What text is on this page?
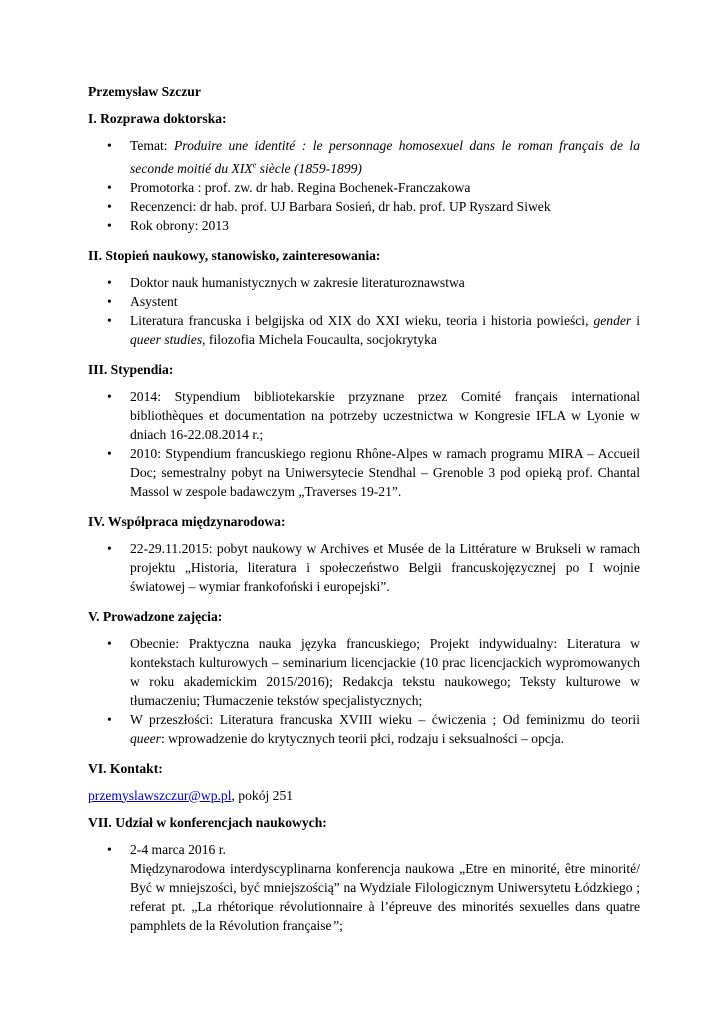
Przemysław Szczur
I. Rozprawa doktorska:
• Temat: Produire une identité : le personnage homosexuel dans le roman français de la seconde moitié du XIXe siècle (1859-1899)
• Promotorka : prof. zw. dr hab. Regina Bochenek-Franczakowa
• Recenzenci: dr hab. prof. UJ Barbara Sosień, dr hab. prof. UP Ryszard Siwek
• Rok obrony: 2013
II. Stopień naukowy, stanowisko, zainteresowania:
• Doktor nauk humanistycznych w zakresie literaturoznawstwa
• Asystent
• Literatura francuska i belgijska od XIX do XXI wieku, teoria i historia powieści, gender i queer studies, filozofia Michela Foucaulta, socjokrytyka
III. Stypendia:
• 2014: Stypendium bibliotekarskie przyznane przez Comité français international bibliothèques et documentation na potrzeby uczestnictwa w Kongresie IFLA w Lyonie w dniach 16-22.08.2014 r.;
• 2010: Stypendium francuskiego regionu Rhône-Alpes w ramach programu MIRA – Accueil Doc; semestralny pobyt na Uniwersytecie Stendhal – Grenoble 3 pod opieką prof. Chantal Massol w zespole badawczym „Traverses 19-21”.
IV. Współpraca międzynarodowa:
• 22-29.11.2015: pobyt naukowy w Archives et Musée de la Littérature w Brukseli w ramach projektu „Historia, literatura i społeczeństwo Belgii francuskojęzycznej po I wojnie światowej – wymiar frankofoński i europejski”.
V. Prowadzone zajęcia:
• Obecnie: Praktyczna nauka języka francuskiego; Projekt indywidualny: Literatura w kontekstach kulturowych – seminarium licencjackie (10 prac licencjackich wypromowanych w roku akademickim 2015/2016); Redakcja tekstu naukowego; Teksty kulturowe w tłumaczeniu; Tłumaczenie tekstów specjalistycznych;
• W przeszłości: Literatura francuska XVIII wieku – ćwiczenia ; Od feminizmu do teorii queer: wprowadzenie do krytycznych teorii płci, rodzaju i seksualności – opcja.
VI. Kontakt:

przemyslawszczur@wp.pl, pokój 251

VII. Udział w konferencjach naukowych:
• 2-4 marca 2016 r.
Międzynarodowa interdyscyplinarna konferencja naukowa „Etre en minorité, être minorité/ Być w mniejszości, być mniejszością” na Wydziale Filologicznym Uniwersytetu Łódzkiego ; referat pt. „La rhétorique révolutionnaire à l’épreuve des minorités sexuelles dans quatre pamphlets de la Révolution française”;
